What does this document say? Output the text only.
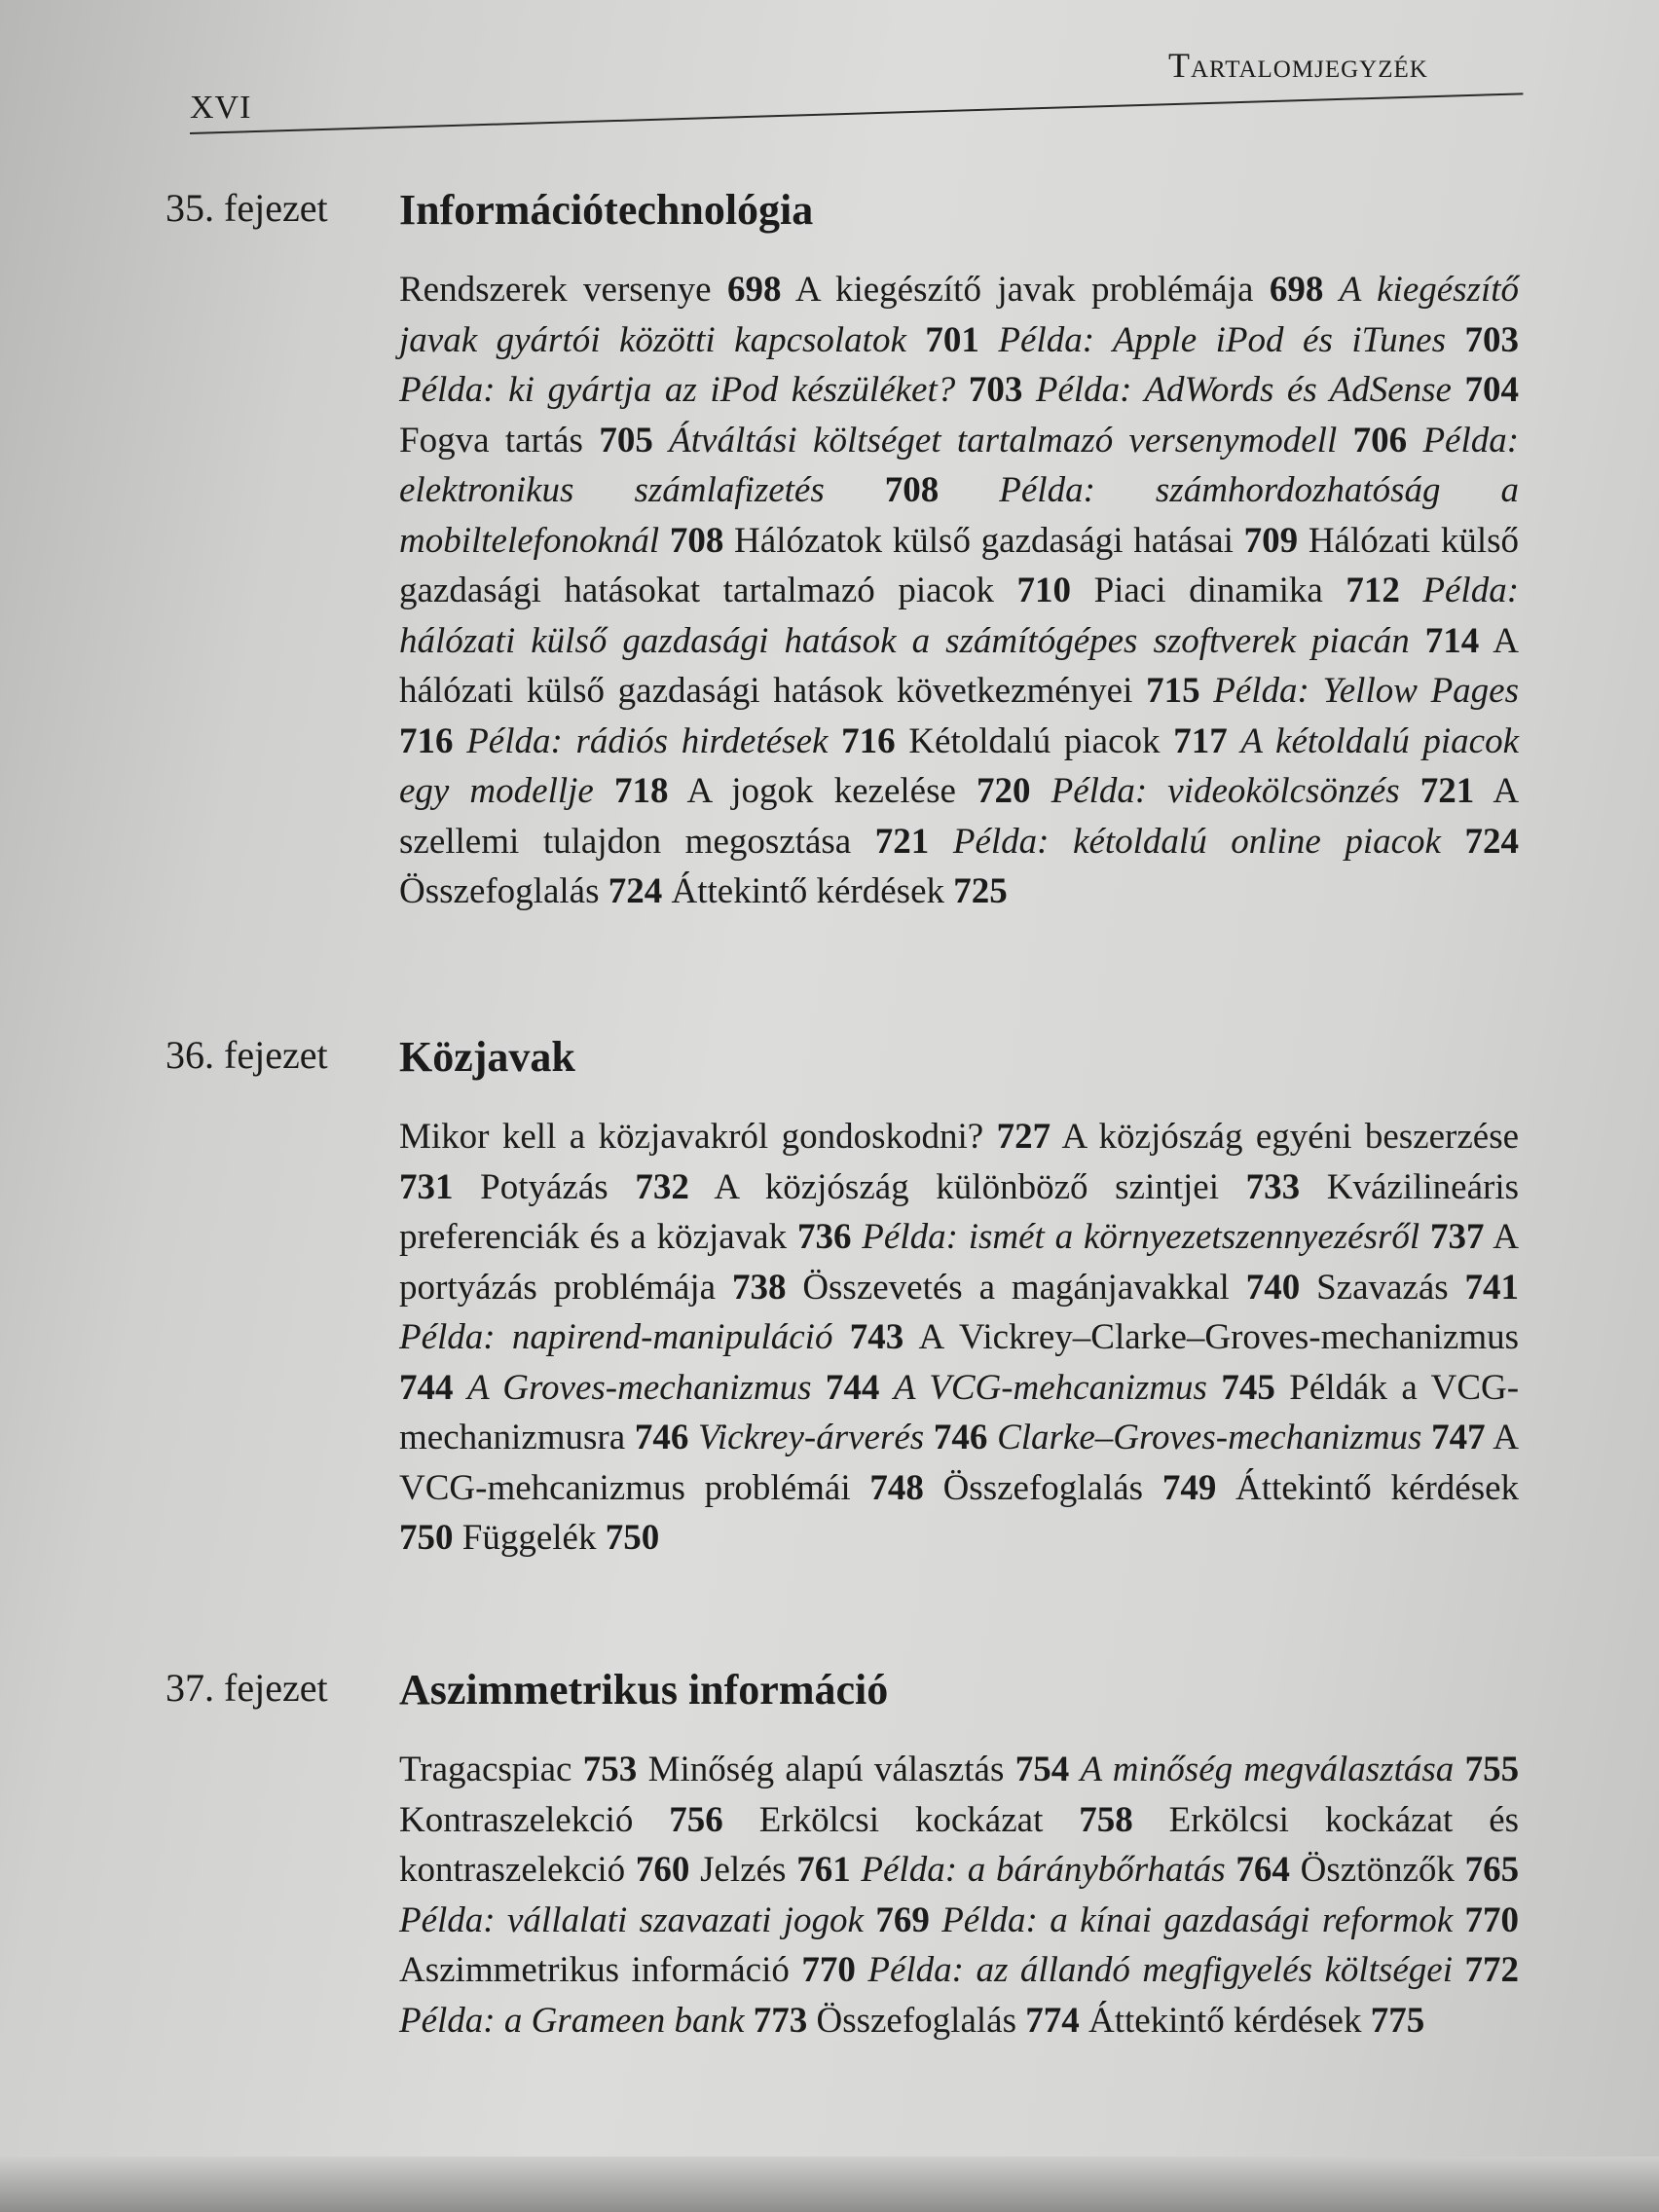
XVI
Tartalomjegyzék
35. fejezet Információtechnológia
Rendszerek versenye 698 A kiegészítő javak problémája 698 A kiegészítő javak gyártói közötti kapcsolatok 701 Példa: Apple iPod és iTunes 703 Példa: ki gyártja az iPod készüléket? 703 Példa: AdWords és AdSense 704 Fogva tartás 705 Átváltási költséget tartalmazó versenymodell 706 Példa: elektronikus számlafizetés 708 Példa: számhordozhatóság a mobiltelefonoknál 708 Hálózatok külső gazdasági hatásai 709 Hálózati külső gazdasági hatásokat tartalmazó piacok 710 Piaci dinamika 712 Példa: hálózati külső gazdasági hatások a számítógépes szoftverek piacán 714 A hálózati külső gazdasági hatások következményei 715 Példa: Yellow Pages 716 Példa: rádiós hirdetések 716 Kétoldalú piacok 717 A kétoldalú piacok egy modellje 718 A jogok kezelése 720 Példa: videokölcsönzés 721 A szellemi tulajdon megosztása 721 Példa: kétoldalú online piacok 724 Összefoglalás 724 Áttekintő kérdések 725
36. fejezet Közjavak
Mikor kell a közjavakról gondoskodni? 727 A közjószág egyéni beszerzése 731 Potyázás 732 A közjószág különböző szintjei 733 Kvázilineáris preferenciák és a közjavak 736 Példa: ismét a környezetszennyezésről 737 A portyázás problémája 738 Összevetés a magánjavakkal 740 Szavazás 741 Példa: napirend-manipuláció 743 A Vickrey–Clarke–Groves-mechanizmus 744 A Groves-mechanizmus 744 A VCG-mehcanizmus 745 Példák a VCG-mechanizmusra 746 Vickrey-árverés 746 Clarke–Groves-mechanizmus 747 A VCG-mehcanizmus problémái 748 Összefoglalás 749 Áttekintő kérdések 750 Függelék 750
37. fejezet Aszimmetrikus információ
Tragacspiac 753 Minőség alapú választás 754 A minőség megválasztása 755 Kontraszelekció 756 Erkölcsi kockázat 758 Erkölcsi kockázat és kontraszelekció 760 Jelzés 761 Példa: a báránybőrhatás 764 Ösztönzők 765 Példa: vállalati szavazati jogok 769 Példa: a kínai gazdasági reformok 770 Aszimmetrikus információ 770 Példa: az állandó megfigyelés költségei 772 Példa: a Grameen bank 773 Összefoglalás 774 Áttekintő kérdések 775
